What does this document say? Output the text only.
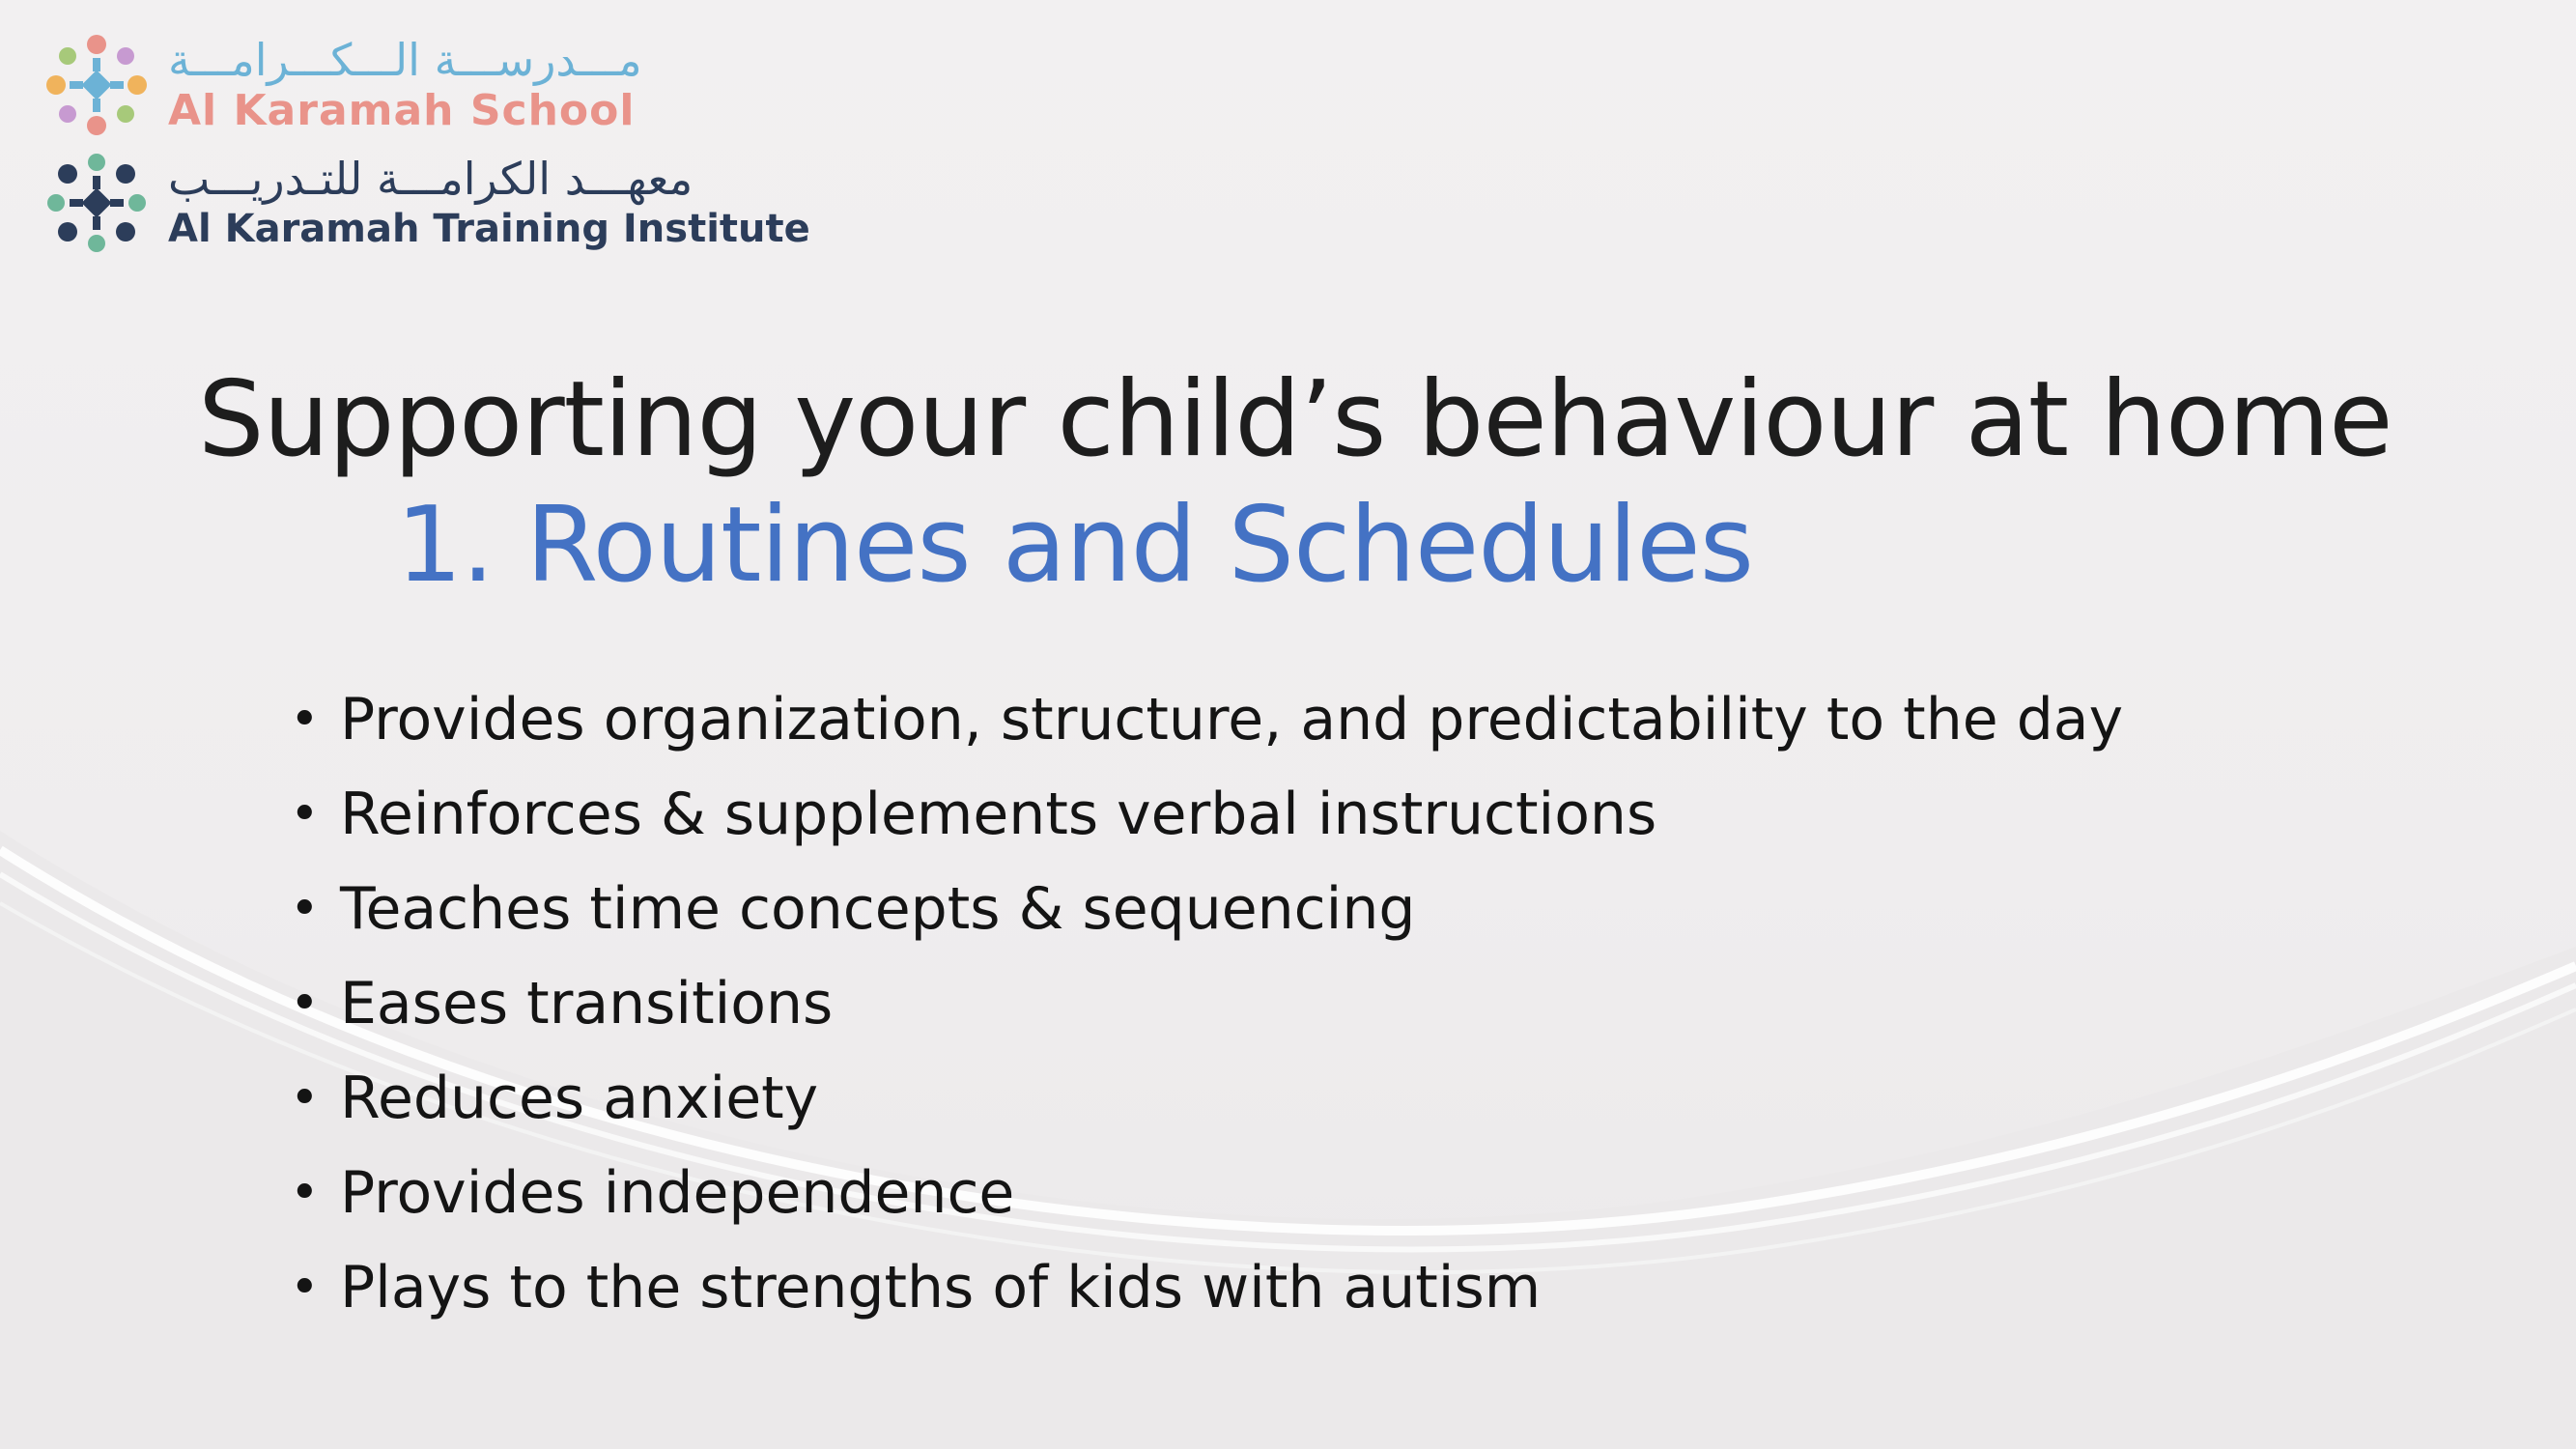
مـــدرســـة الـــكـــرامـــة
Al Karamah School
معهـــد الكرامـــة للتـدريـــب
Al Karamah Training Institute
Supporting your child’s behaviour at home
1. Routines and Schedules
• Provides organization, structure, and predictability to the day
• Reinforces & supplements verbal instructions
• Teaches time concepts & sequencing
• Eases transitions
• Reduces anxiety
• Provides independence
• Plays to the strengths of kids with autism
